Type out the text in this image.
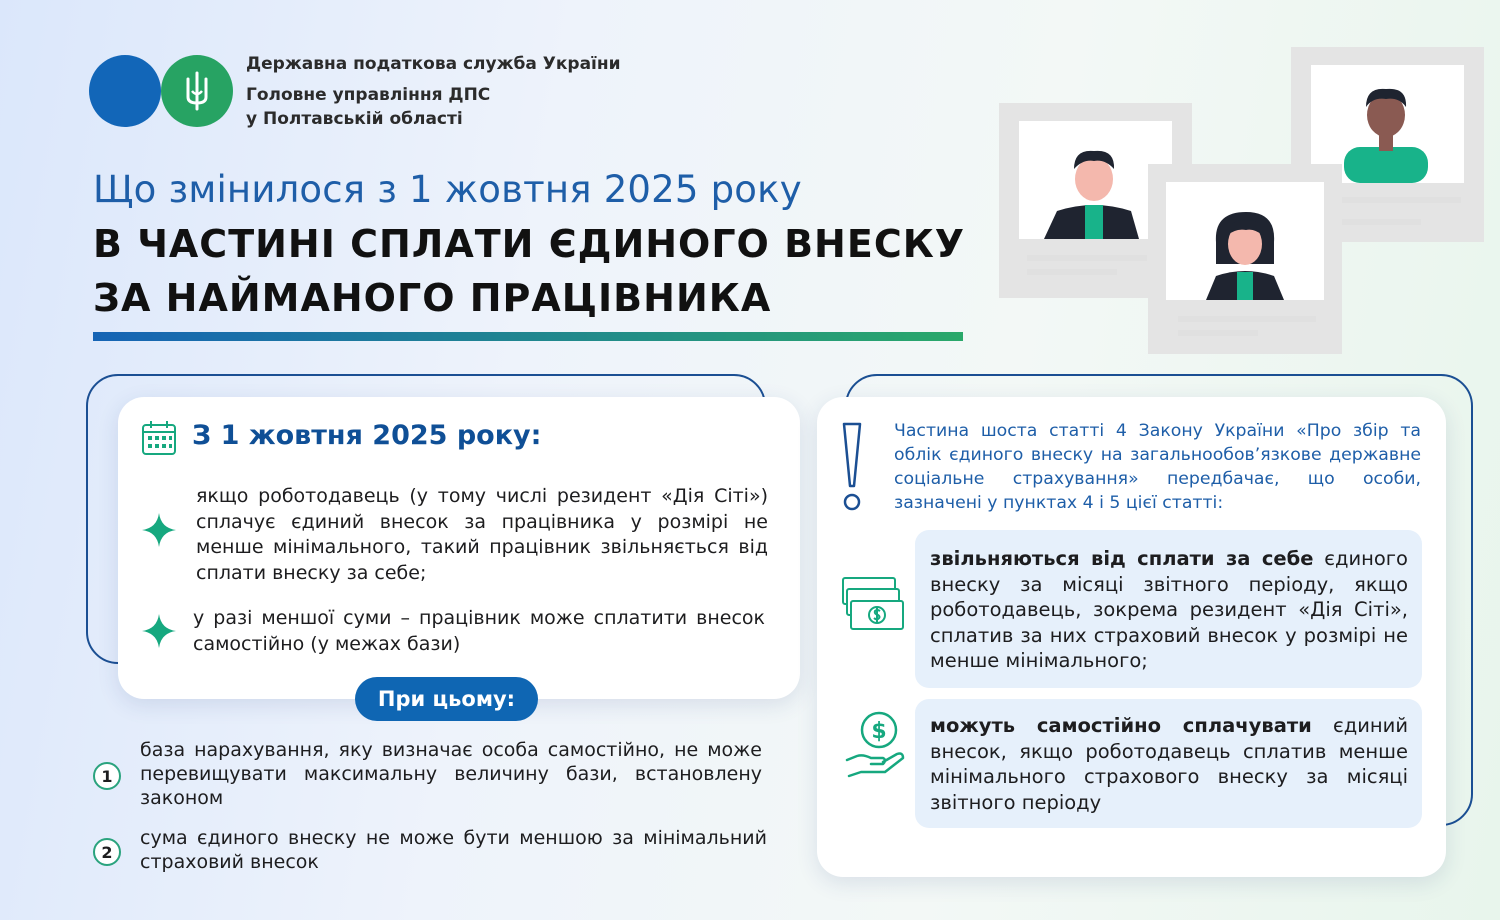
Державна податкова служба України
Головне управління ДПС
у Полтавській області
Що змінилося з 1 жовтня 2025 року
В ЧАСТИНІ СПЛАТИ ЄДИНОГО ВНЕСКУ
ЗА НАЙМАНОГО ПРАЦІВНИКА
З 1 жовтня 2025 року:
якщо роботодавець (у тому числі резидент «Дія Сіті») сплачує єдиний внесок за працівника у розмірі не менше мінімального, такий працівник звільняється від сплати внеску за себе;
у разі меншої суми – працівник може сплатити внесок самостійно (у межах бази)
При цьому:
1
база нарахування, яку визначає особа самостійно, не може перевищувати максимальну величину бази, встановлену законом
2
сума єдиного внеску не може бути меншою за мінімальний страховий внесок
Частина шоста статті 4 Закону України «Про збір та облік єдиного внеску на загальнообов’язкове державне соціальне страхування» передбачає, що особи, зазначені у пунктах 4 і 5 цієї статті:
звільняються від сплати за себе єдиного внеску за місяці звітного періоду, якщо роботодавець, зокрема резидент «Дія Сіті», сплатив за них страховий внесок у розмірі не менше мінімального;
$ можуть самостійно сплачувати єдиний внесок, якщо роботодавець сплатив менше мінімального страхового внеску за місяці звітного періоду
